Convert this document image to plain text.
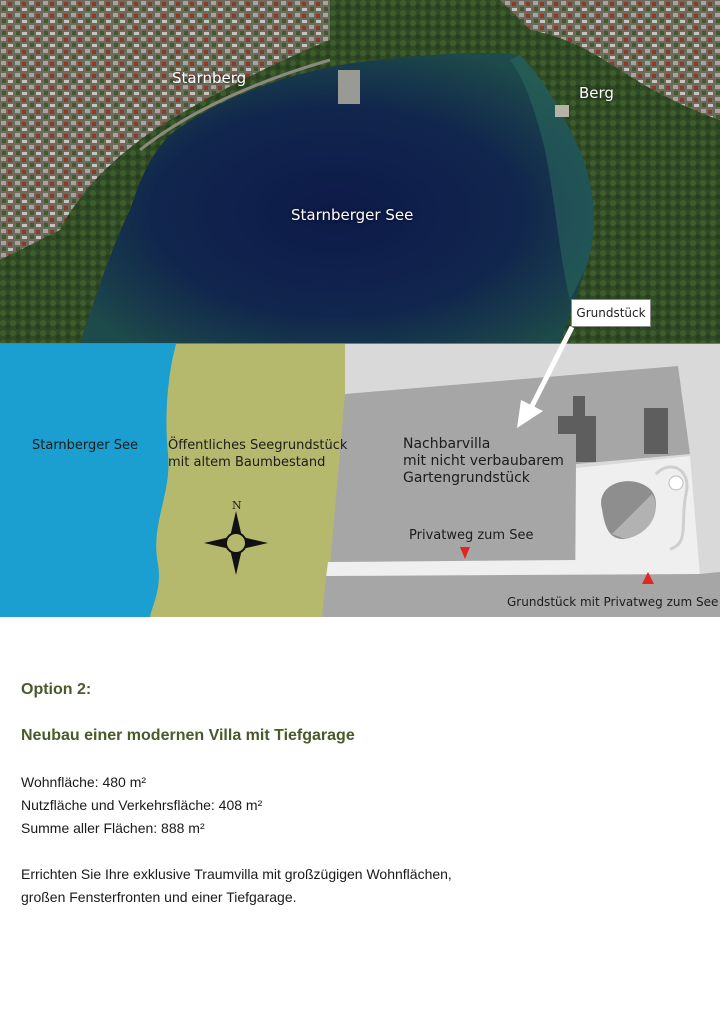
Starnberg
Berg
Starnberger See
Grundstück
Starnberger See Öffentliches Seegrundstück
mit altem Baumbestand
N
Nachbarvilla
mit nicht verbaubarem
Gartengrundstück
Privatweg zum See
Grundstück mit Privatweg zum See
Option 2:
Neubau einer modernen Villa mit Tiefgarage
Wohnfläche: 480 m²
Nutzfläche und Verkehrsfläche: 408 m²
Summe aller Flächen: 888 m²
Errichten Sie Ihre exklusive Traumvilla mit großzügigen Wohnflächen,
großen Fensterfronten und einer Tiefgarage.
